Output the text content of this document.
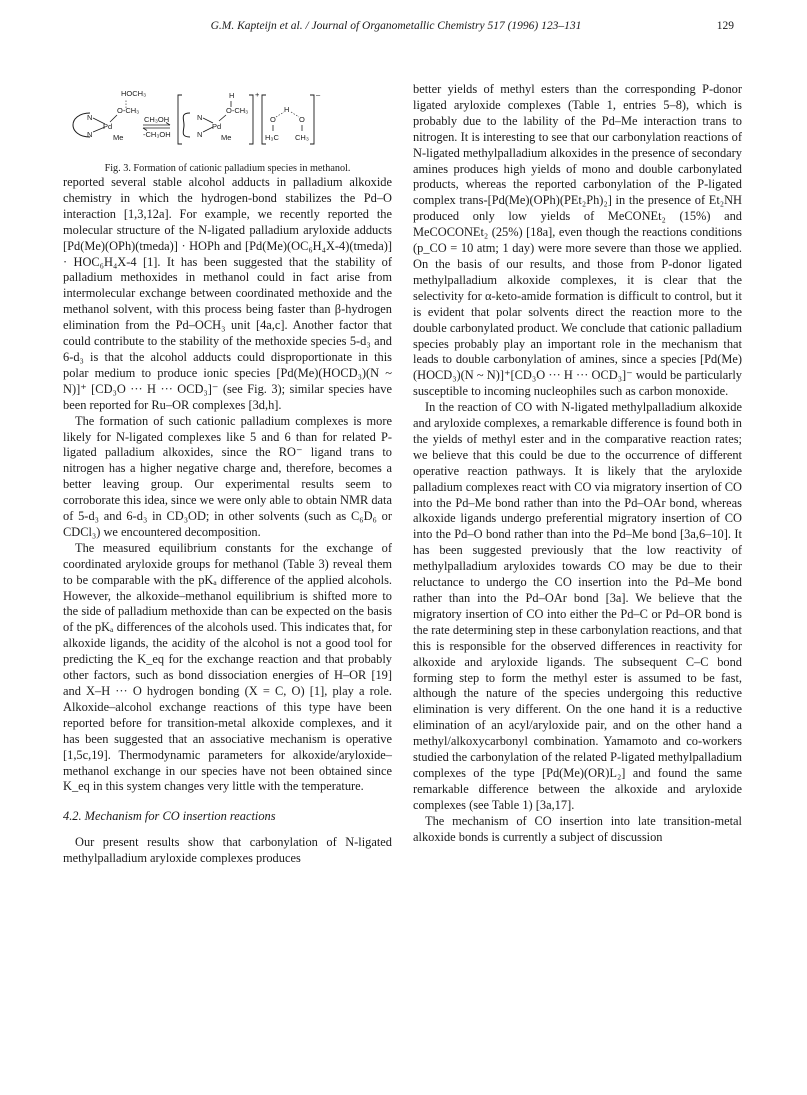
G.M. Kapteijn et al. / Journal of Organometallic Chemistry 517 (1996) 123–131	129
HOCH₃
O-CH₃
N
N
Pd
Me
CH₃OH
-CH₃OH
H
O-CH₃
N
N
Pd
Me
+
O
H
O
H₃C CH₃
–

Fig. 3. Formation of cationic palladium species in methanol.

reported several stable alcohol adducts in palladium alkoxide chemistry in which the hydrogen-bond stabilizes the Pd–O interaction [1,3,12a]. For example, we recently reported the molecular structure of the N-ligated palladium aryloxide adducts [Pd(Me)(OPh)(tmeda)] · HOPh and [Pd(Me)(OC₆H₄X-4)(tmeda)] · HOC₆H₄X-4 [1]. It has been suggested that the stability of palladium methoxides in methanol could in fact arise from intermolecular exchange between coordinated methoxide and the methanol solvent, with this process being faster than β-hydrogen elimination from the Pd–OCH₃ unit [4a,c]. Another factor that could contribute to the stability of the methoxide species 5-d₃ and 6-d₃ is that the alcohol adducts could disproportionate in this polar medium to produce ionic species [Pd(Me)(HOCD₃)(N ~ N)]⁺ [CD₃O ··· H ··· OCD₃]⁻ (see Fig. 3); similar species have been reported for Ru–OR complexes [3d,h].

The formation of such cationic palladium complexes is more likely for N-ligated complexes like 5 and 6 than for related P-ligated palladium alkoxides, since the RO⁻ ligand trans to nitrogen has a higher negative charge and, therefore, becomes a better leaving group. Our experimental results seem to corroborate this idea, since we were only able to obtain NMR data of 5-d₃ and 6-d₃ in CD₃OD; in other solvents (such as C₆D₆ or CDCl₃) we encountered decomposition.

The measured equilibrium constants for the exchange of coordinated aryloxide groups for methanol (Table 3) reveal them to be comparable with the pKₐ difference of the applied alcohols. However, the alkoxide–methanol equilibrium is shifted more to the side of palladium methoxide than can be expected on the basis of the pKₐ differences of the alcohols used. This indicates that, for alkoxide ligands, the acidity of the alcohol is not a good tool for predicting the K_eq for the exchange reaction and that probably other factors, such as bond dissociation energies of H–OR [19] and X–H ··· O hydrogen bonding (X = C, O) [1], play a role. Alkoxide–alcohol exchange reactions of this type have been reported before for transition-metal alkoxide complexes, and it has been suggested that an associative mechanism is operative [1,5c,19]. Thermodynamic parameters for alkoxide/aryloxide–methanol exchange in our species have not been obtained since K_eq in this system changes very little with the temperature.

4.2. Mechanism for CO insertion reactions

Our present results show that carbonylation of N-ligated methylpalladium aryloxide complexes produces

better yields of methyl esters than the corresponding P-donor ligated aryloxide complexes (Table 1, entries 5–8), which is probably due to the lability of the Pd–Me interaction trans to nitrogen. It is interesting to see that our carbonylation reactions of N-ligated methylpalladium alkoxides in the presence of secondary amines produces high yields of mono and double carbonylated products, whereas the reported carbonylation of the P-ligated complex trans-[Pd(Me)(OPh)(PEt₂Ph)₂] in the presence of Et₂NH produced only low yields of MeCONEt₂ (15%) and MeCOCONEt₂ (25%) [18a], even though the reactions conditions (p_CO = 10 atm; 1 day) were more severe than those we applied. On the basis of our results, and those from P-donor ligated methylpalladium alkoxide complexes, it is clear that the selectivity for α-keto-amide formation is difficult to control, but it is evident that polar solvents direct the reaction more to the double carbonylated product. We conclude that cationic palladium species probably play an important role in the mechanism that leads to double carbonylation of amines, since a species [Pd(Me)(HOCD₃)(N ~ N)]⁺[CD₃O ··· H ··· OCD₃]⁻ would be particularly susceptible to incoming nucleophiles such as carbon monoxide.

In the reaction of CO with N-ligated methylpalladium alkoxide and aryloxide complexes, a remarkable difference is found both in the yields of methyl ester and in the comparative reaction rates; we believe that this could be due to the occurrence of different operative reaction pathways. It is likely that the aryloxide palladium complexes react with CO via migratory insertion of CO into the Pd–Me bond rather than into the Pd–OAr bond, whereas alkoxide ligands undergo preferential migratory insertion of CO into the Pd–O bond rather than into the Pd–Me bond [3a,6–10]. It has been suggested previously that the low reactivity of methylpalladium aryloxides towards CO may be due to their reluctance to undergo the CO insertion into the Pd–Me bond rather than into the Pd–OAr bond [3a]. We believe that the migratory insertion of CO into either the Pd–C or Pd–OR bond is the rate determining step in these carbonylation reactions, and that this is responsible for the observed differences in reactivity for alkoxide and aryloxide ligands. The subsequent C–C bond forming step to form the methyl ester is assumed to be fast, although the nature of the species undergoing this reductive elimination is very different. On the one hand it is a reductive elimination of an acyl/aryloxide pair, and on the other hand a methyl/alkoxycarbonyl combination. Yamamoto and co-workers studied the carbonylation of the related P-ligated methylpalladium complexes of the type [Pd(Me)(OR)L₂] and found the same remarkable difference between the alkoxide and aryloxide complexes (see Table 1) [3a,17].

The mechanism of CO insertion into late transition-metal alkoxide bonds is currently a subject of discussion
